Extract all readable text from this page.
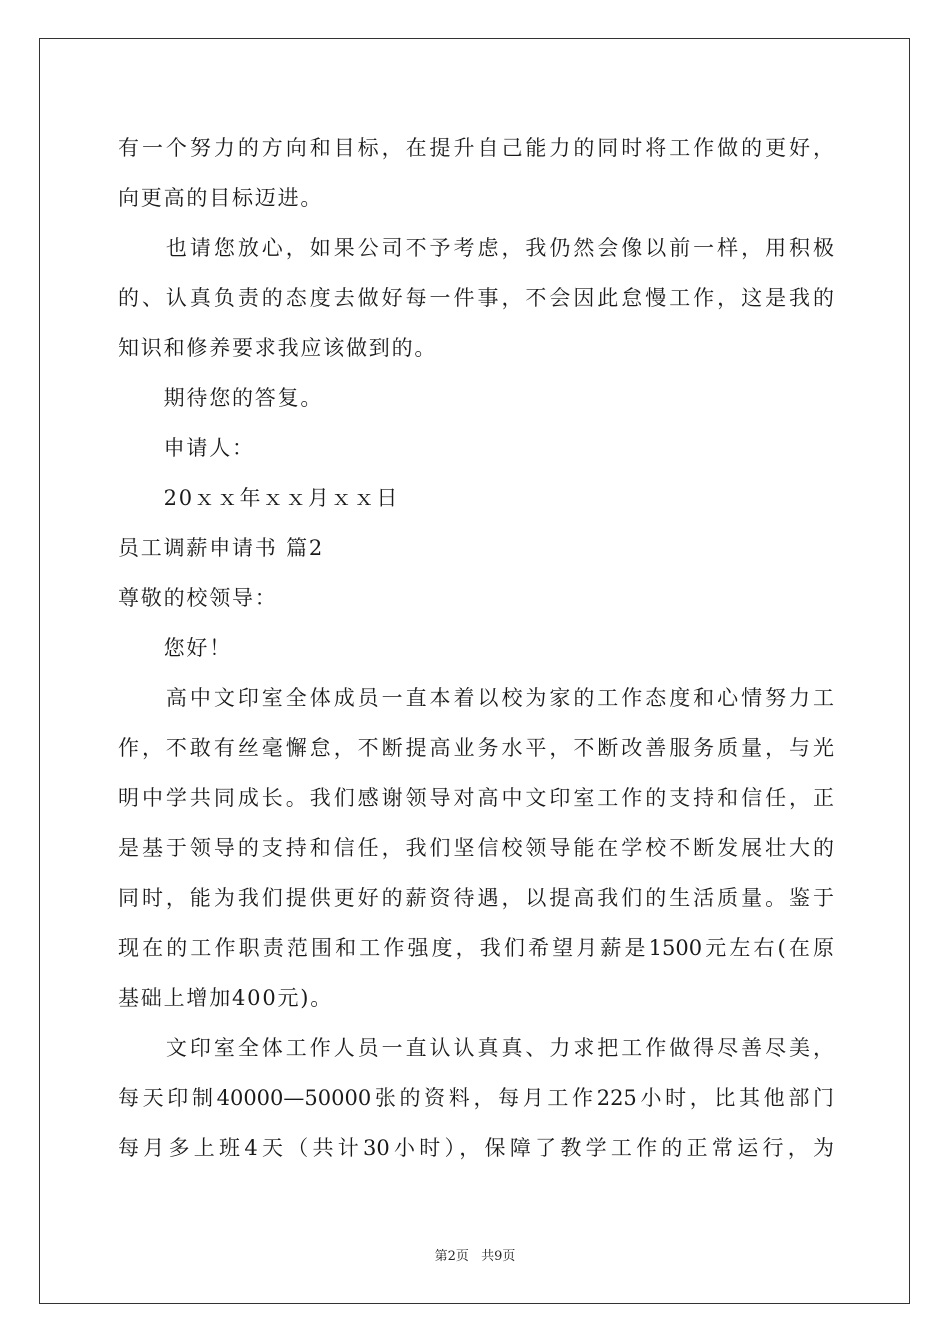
有一个努力的方向和目标，在提升自己能力的同时将工作做的更好，
向更高的目标迈进。
　　也请您放心，如果公司不予考虑，我仍然会像以前一样，用积极
的、认真负责的态度去做好每一件事，不会因此怠慢工作，这是我的
知识和修养要求我应该做到的。
　　期待您的答复。
　　申请人：
　　20ｘｘ年ｘｘ月ｘｘ日
员工调薪申请书 篇2
尊敬的校领导：
　　您好！
　　高中文印室全体成员一直本着以校为家的工作态度和心情努力工
作，不敢有丝毫懈怠，不断提高业务水平，不断改善服务质量，与光
明中学共同成长。我们感谢领导对高中文印室工作的支持和信任，正
是基于领导的支持和信任，我们坚信校领导能在学校不断发展壮大的
同时，能为我们提供更好的薪资待遇，以提高我们的生活质量。鉴于
现在的工作职责范围和工作强度，我们希望月薪是1500元左右(在原
基础上增加400元)。
　　文印室全体工作人员一直认认真真、力求把工作做得尽善尽美，
每天印制40000—50000张的资料，每月工作225小时，比其他部门
每月多上班4天（共计30小时），保障了教学工作的正常运行，为
第2页 共9页
